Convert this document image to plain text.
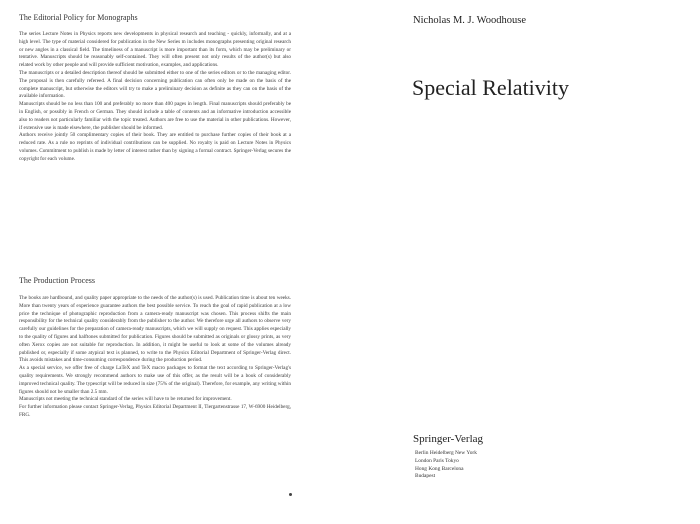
The Editorial Policy for Monographs

The series Lecture Notes in Physics reports new developments in physical research and teaching - quickly, informally, and at a high level. The type of material considered for publication in the New Series m includes monographs presenting original research or new angles in a classical field. The timeliness of a manuscript is more important than its form, which may be preliminary or tentative. Manuscripts should be reasonably self-contained. They will often present not only results of the author(s) but also related work by other people and will provide sufficient motivation, examples, and applications.

The manuscripts or a detailed description thereof should be submitted either to one of the series editors or to the managing editor. The proposal is then carefully refereed. A final decision concerning publication can often only be made on the basis of the complete manuscript, but otherwise the editors will try to make a preliminary decision as definite as they can on the basis of the available information.

Manuscripts should be no less than 100 and preferably no more than 400 pages in length. Final manuscripts should preferably be in English, or possibly in French or German. They should include a table of contents and an informative introduction accessible also to readers not particularly familiar with the topic treated. Authors are free to use the material in other publications. However, if extensive use is made elsewhere, the publisher should be informed.

Authors receive jointly 50 complimentary copies of their book. They are entitled to purchase further copies of their book at a reduced rate. As a rule no reprints of individual contributions can be supplied. No royalty is paid on Lecture Notes in Physics volumes. Commitment to publish is made by letter of interest rather than by signing a formal contract. Springer-Verlag secures the copyright for each volume.

The Production Process

The books are hardbound, and quality paper appropriate to the needs of the author(s) is used. Publication time is about ten weeks. More than twenty years of experience guarantee authors the best possible service. To reach the goal of rapid publication at a low price the technique of photographic reproduction from a camera-ready manuscript was chosen. This process shifts the main responsibility for the technical quality considerably from the publisher to the author. We therefore urge all authors to observe very carefully our guidelines for the preparation of camera-ready manuscripts, which we will supply on request. This applies especially to the quality of figures and halftones submitted for publication. Figures should be submitted as originals or glossy prints, as very often Xerox copies are not suitable for reproduction. In addition, it might be useful to look at some of the volumes already published or, especially if some atypical text is planned, to write to the Physics Editorial Department of Springer-Verlag direct. This avoids mistakes and time-consuming correspondence during the production period.

As a special service, we offer free of charge LaTeX and TeX macro packages to format the text according to Springer-Verlag's quality requirements. We strongly recommend authors to make use of this offer, as the result will be a book of considerably improved technical quality. The typescript will be reduced in size (75% of the original). Therefore, for example, any writing within figures should not be smaller than 2.5 mm.

Manuscripts not meeting the technical standard of the series will have to be returned for improvement.

For further information please contact Springer-Verlag, Physics Editorial Department II, Tiergartenstrasse 17, W-6900 Heidelberg, FRG.

Nicholas M. J. Woodhouse
Special Relativity
Springer-Verlag
Berlin Heidelberg New York
London Paris Tokyo
Hong Kong Barcelona
Budapest
